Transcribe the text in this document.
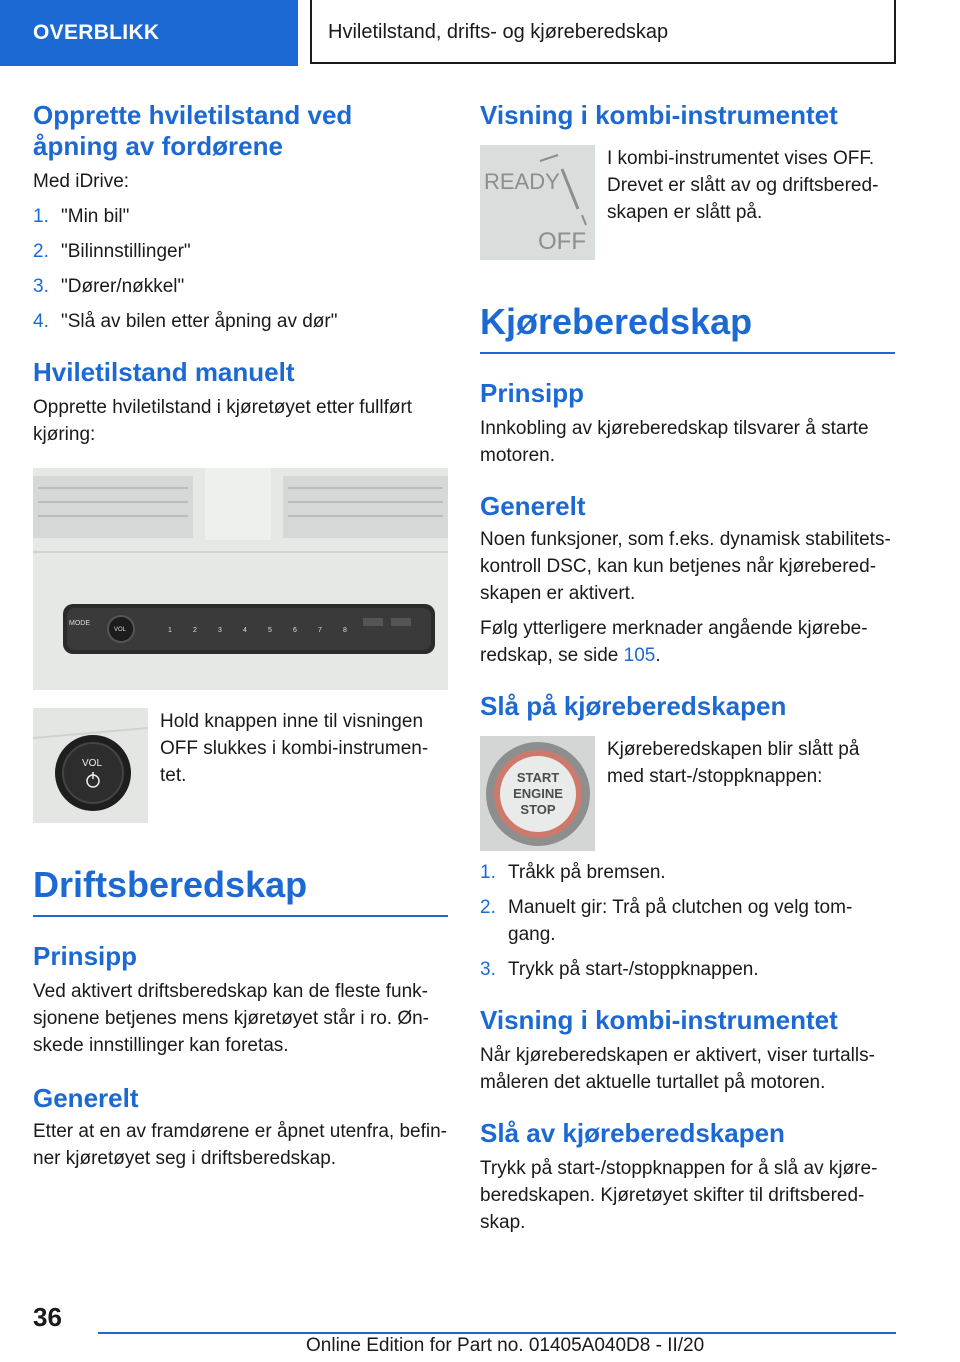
OVERBLIKK	Hviletilstand, drifts- og kjøreberedskap
Opprette hviletilstand ved åpning av fordørene

Med iDrive:

1. "Min bil"
2. "Bilinnstillinger"
3. "Dører/nøkkel"
4. "Slå av bilen etter åpning av dør"
Hviletilstand manuelt

Opprette hviletilstand i kjøretøyet etter fullført kjøring:

MODE
VOL	1	2	3	4	5	6	7	8
VOL

Hold knappen inne til visningen OFF slukkes i kombi-instrumen- tet.

Driftsberedskap
Prinsipp

Ved aktivert driftsberedskap kan de fleste funk- sjonene betjenes mens kjøretøyet står i ro. Øn- skede innstillinger kan foretas.

Generelt

Etter at en av framdørene er åpnet utenfra, befin- ner kjøretøyet seg i driftsberedskap.

Visning i kombi-instrumentet
READY
OFF

I kombi-instrumentet vises OFF. Drevet er slått av og driftsbered- skapen er slått på.

Kjøreberedskap
Prinsipp

Innkobling av kjøreberedskap tilsvarer å starte motoren.

Generelt

Noen funksjoner, som f.eks. dynamisk stabilitets- kontroll DSC, kan kun betjenes når kjørebered- skapen er aktivert.

Følg ytterligere merknader angående kjørebe- redskap, se side 105.

Slå på kjøreberedskapen
START
ENGINE
STOP

Kjøreberedskapen blir slått på med start-/stoppknappen:

1. Tråkk på bremsen.
2. Manuelt gir: Trå på clutchen og velg tom- gang.
3. Trykk på start-/stoppknappen.
Visning i kombi-instrumentet

Når kjøreberedskapen er aktivert, viser turtalls- måleren det aktuelle turtallet på motoren.

Slå av kjøreberedskapen

Trykk på start-/stoppknappen for å slå av kjøre- beredskapen. Kjøretøyet skifter til driftsbered- skap.

36
Online Edition for Part no. 01405A040D8 - II/20
